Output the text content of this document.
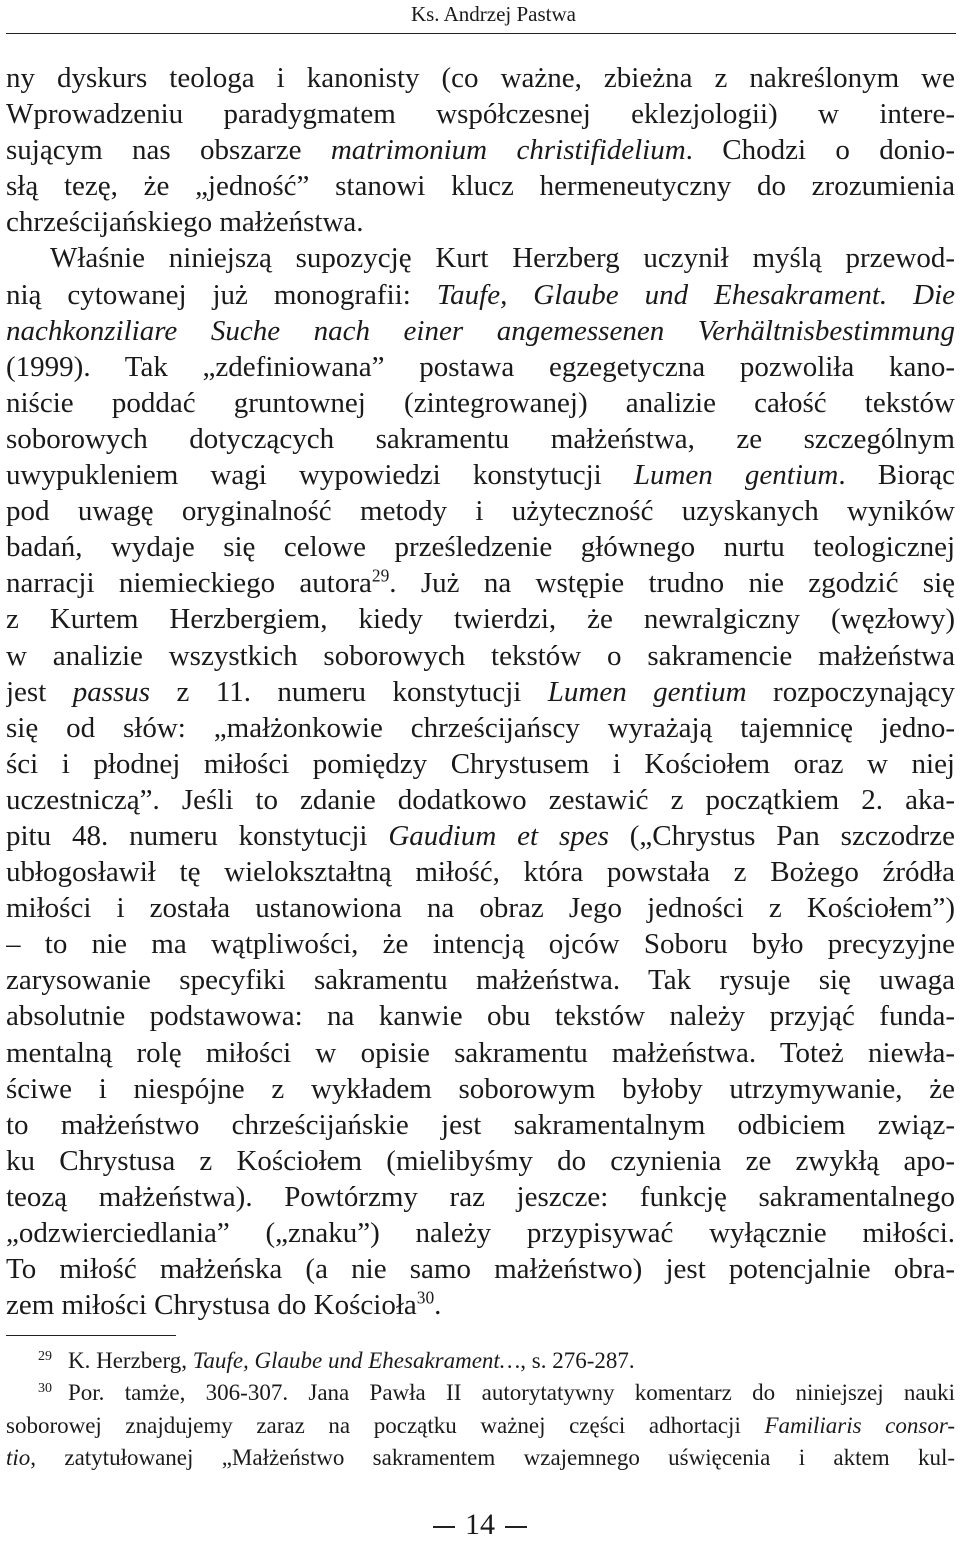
Ks. Andrzej Pastwa
ny dyskurs teologa i kanonisty (co ważne, zbieżna z nakreślonym we
Wprowadzeniu paradygmatem współczesnej eklezjologii) w intere-
sującym nas obszarze matrimonium christifidelium. Chodzi o donio-
słą tezę, że „jedność” stanowi klucz hermeneutyczny do zrozumienia
chrześcijańskiego małżeństwa.
Właśnie niniejszą supozycję Kurt Herzberg uczynił myślą przewod-
nią cytowanej już monografii: Taufe, Glaube und Ehesakrament. Die
nachkonziliare Suche nach einer angemessenen Verhältnisbestimmung
(1999). Tak „zdefiniowana” postawa egzegetyczna pozwoliła kano-
niście poddać gruntownej (zintegrowanej) analizie całość tekstów
soborowych dotyczących sakramentu małżeństwa, ze szczególnym
uwypukleniem wagi wypowiedzi konstytucji Lumen gentium. Biorąc
pod uwagę oryginalność metody i użyteczność uzyskanych wyników
badań, wydaje się celowe prześledzenie głównego nurtu teologicznej
narracji niemieckiego autora$^{29}$. Już na wstępie trudno nie zgodzić się
z Kurtem Herzbergiem, kiedy twierdzi, że newralgiczny (węzłowy)
w analizie wszystkich soborowych tekstów o sakramencie małżeństwa
jest passus z 11. numeru konstytucji Lumen gentium rozpoczynający
się od słów: „małżonkowie chrześcijańscy wyrażają tajemnicę jedno-
ści i płodnej miłości pomiędzy Chrystusem i Kościołem oraz w niej
uczestniczą”. Jeśli to zdanie dodatkowo zestawić z początkiem 2. aka-
pitu 48. numeru konstytucji Gaudium et spes („Chrystus Pan szczodrze
ubłogosławił tę wielokształtną miłość, która powstała z Bożego źródła
miłości i została ustanowiona na obraz Jego jedności z Kościołem”)
– to nie ma wątpliwości, że intencją ojców Soboru było precyzyjne
zarysowanie specyfiki sakramentu małżeństwa. Tak rysuje się uwaga
absolutnie podstawowa: na kanwie obu tekstów należy przyjąć funda-
mentalną rolę miłości w opisie sakramentu małżeństwa. Toteż niewła-
ściwe i niespójne z wykładem soborowym byłoby utrzymywanie, że
to małżeństwo chrześcijańskie jest sakramentalnym odbiciem związ-
ku Chrystusa z Kościołem (mielibyśmy do czynienia ze zwykłą apo-
teozą małżeństwa). Powtórzmy raz jeszcze: funkcję sakramentalnego
„odzwierciedlania” („znaku”) należy przypisywać wyłącznie miłości.
To miłość małżeńska (a nie samo małżeństwo) jest potencjalnie obra-
zem miłości Chrystusa do Kościoła$^{30}$.
29 K. Herzberg, Taufe, Glaube und Ehesakrament…, s. 276-287.
30 Por. tamże, 306-307. Jana Pawła II autorytatywny komentarz do niniejszej nauki
soborowej znajdujemy zaraz na początku ważnej części adhortacji Familiaris consor-
tio, zatytułowanej „Małżeństwo sakramentem wzajemnego uświęcenia i aktem kul-
14
